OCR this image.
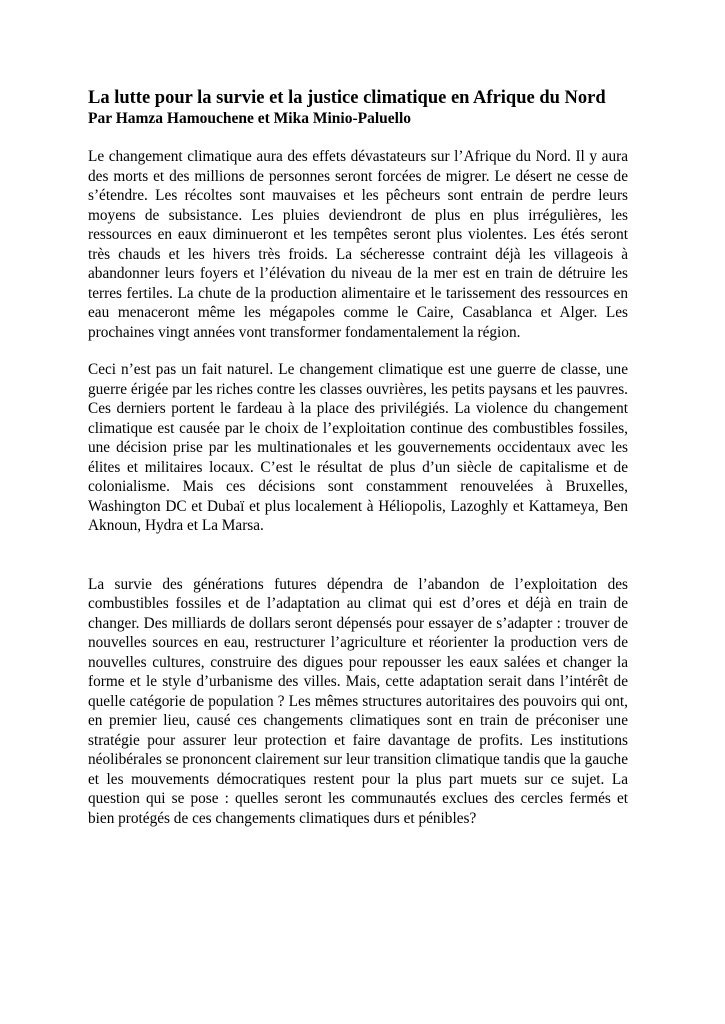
La lutte pour la survie et la justice climatique en Afrique du Nord

Par Hamza Hamouchene et Mika Minio-Paluello

Le changement climatique aura des effets dévastateurs sur l’Afrique du Nord. Il y aura des morts et des millions de personnes seront forcées de migrer. Le désert ne cesse de s’étendre. Les récoltes sont mauvaises et les pêcheurs sont entrain de perdre leurs moyens de subsistance. Les pluies deviendront de plus en plus irrégulières, les ressources en eaux diminueront et les tempêtes seront plus violentes. Les étés seront très chauds et les hivers très froids. La sécheresse contraint déjà les villageois à abandonner leurs foyers et l’élévation du niveau de la mer est en train de détruire les terres fertiles. La chute de la production alimentaire et le tarissement des ressources en eau menaceront même les mégapoles comme le Caire, Casablanca et Alger. Les prochaines vingt années vont transformer fondamentalement la région.

Ceci n’est pas un fait naturel. Le changement climatique est une guerre de classe, une guerre érigée par les riches contre les classes ouvrières, les petits paysans et les pauvres. Ces derniers portent le fardeau à la place des privilégiés. La violence du changement climatique est causée par le choix de l’exploitation continue des combustibles fossiles, une décision prise par les multinationales et les gouvernements occidentaux avec les élites et militaires locaux. C’est le résultat de plus d’un siècle de capitalisme et de colonialisme. Mais ces décisions sont constamment renouvelées à Bruxelles, Washington DC et Dubaï et plus localement à Héliopolis, Lazoghly et Kattameya, Ben Aknoun, Hydra et La Marsa.

La survie des générations futures dépendra de l’abandon de l’exploitation des combustibles fossiles et de l’adaptation au climat qui est d’ores et déjà en train de changer. Des milliards de dollars seront dépensés pour essayer de s’adapter : trouver de nouvelles sources en eau, restructurer l’agriculture et réorienter la production vers de nouvelles cultures, construire des digues pour repousser les eaux salées et changer la forme et le style d’urbanisme des villes. Mais, cette adaptation serait dans l’intérêt de quelle catégorie de population ? Les mêmes structures autoritaires des pouvoirs qui ont, en premier lieu, causé ces changements climatiques sont en train de préconiser une stratégie pour assurer leur protection et faire davantage de profits. Les institutions néolibérales se prononcent clairement sur leur transition climatique tandis que la gauche et les mouvements démocratiques restent pour la plus part muets sur ce sujet. La question qui se pose : quelles seront les communautés exclues des cercles fermés et bien protégés de ces changements climatiques durs et pénibles?
